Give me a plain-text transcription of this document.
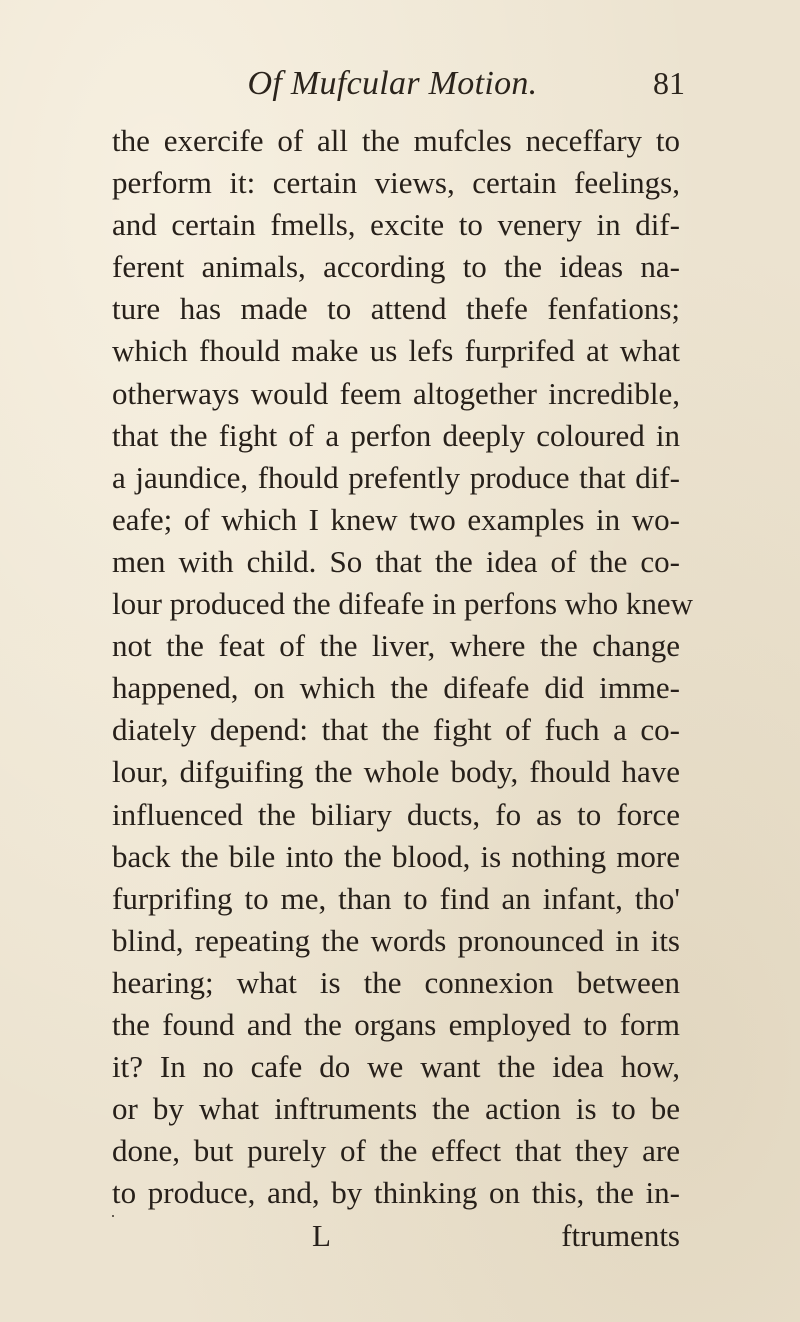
Of Mufcular Motion.	81
the exercife of all the mufcles neceffary to
perform it: certain views, certain feelings,
and certain fmells, excite to venery in dif-
ferent animals, according to the ideas na-
ture has made to attend thefe fenfations;
which fhould make us lefs furprifed at what
otherways would feem altogether incredible,
that the fight of a perfon deeply coloured in
a jaundice, fhould prefently produce that dif-
eafe; of which I knew two examples in wo-
men with child. So that the idea of the co-
lour produced the difeafe in perfons who knew
not the feat of the liver, where the change
happened, on which the difeafe did imme-
diately depend: that the fight of fuch a co-
lour, difguifing the whole body, fhould have
influenced the biliary ducts, fo as to force
back the bile into the blood, is nothing more
furprifing to me, than to find an infant, tho'
blind, repeating the words pronounced in its
hearing; what is the connexion between
the found and the organs employed to form
it? In no cafe do we want the idea how,
or by what inftruments the action is to be
done, but purely of the effect that they are
to produce, and, by thinking on this, the in-
L	ftruments
